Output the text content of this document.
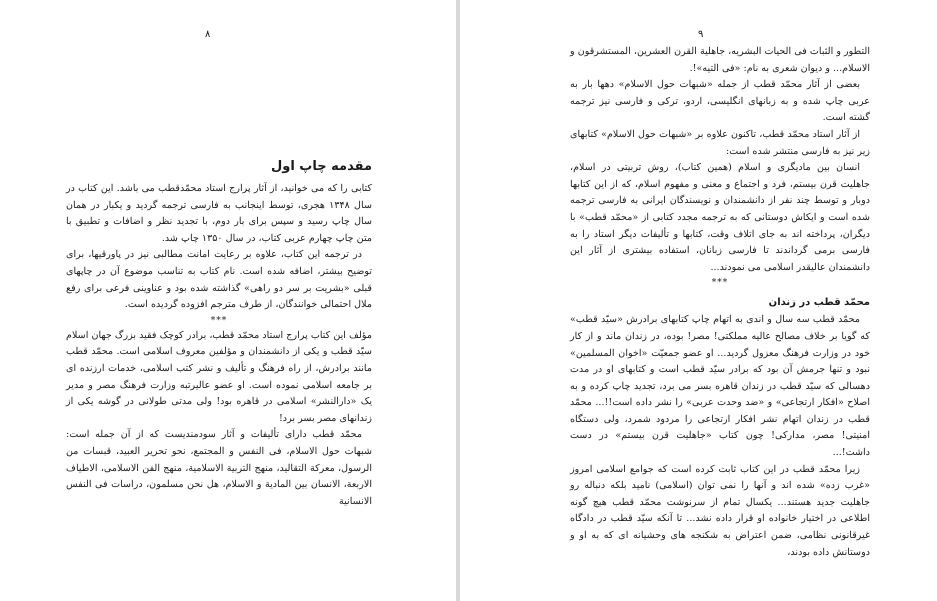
۸
مقدمه چاپ اول

کتابی را که می خوانید، از آثار پرارج استاد محمّدقطب می باشد. این کتاب در سال ۱۳۴۸ هجری، توسط اینجانب به فارسی ترجمه گردید و یکبار در همان سال چاپ رسید و سپس برای بار دوم، با تجدید نظر و اضافات و تطبیق با متن چاپ چهارم عربی کتاب، در سال ۱۳۵۰ چاپ شد.

در ترجمه این کتاب، علاوه بر رعایت امانت مطالبی نیز در پاورقیها، برای توضیح بیشتر، اضافه شده است. نام کتاب به تناسب موضوع آن در چاپهای قبلی «بشریت بر سر دو راهی» گذاشته شده بود و عناوینی فرعی برای رفع ملال احتمالی خوانندگان، از طرف مترجم افزوده گردیده است.

***

مؤلف این کتاب پرارج استاد محمّد قطب، برادر کوچک فقید بزرگ جهان اسلام سیّد قطب و یکی از دانشمندان و مؤلفین معروف اسلامی است. محمّد قطب مانند برادرش، از راه فرهنگ و تألیف و نشر کتب اسلامی، خدمات ارزنده ای بر جامعه اسلامی نموده است. او عضو عالیرتبه وزارت فرهنگ مصر و مدیر یک «دارالنشر» اسلامی در قاهره بود! ولی مدتی طولانی در گوشه یکی از زندانهای مصر بسر برد!

محمّد قطب دارای تألیفات و آثار سودمندیست که از آن جمله است: شبهات حول الاسلام، فی النفس و المجتمع، نحو تحریر العبید، قبسات من الرسول، معرکة التقالید، منهج التربیة الاسلامیة، منهج الفن الاسلامی، الاطیاف الاربعة، الانسان بین المادیة و الاسلام، هل نحن مسلمون، دراسات فی النفس الانسانیة

۹

التطور و الثبات فی الحیات البشریه، جاهلیة القرن العشرین، المستشرقون و الاسلام... و دیوان شعری به نام: «فی التیه»!.

بعضی از آثار محمّد قطب از جمله «شبهات حول الاسلام» دهها بار به عربی چاپ شده و به زبانهای انگلیسی، اردو، ترکی و فارسی نیز ترجمه گشته است.

از آثار استاد محمّد قطب، تاکنون علاوه بر «شبهات حول الاسلام» کتابهای زیر نیز به فارسی منتشر شده است:

انسان بین مادیگری و اسلام (همین کتاب)، روش تربیتی در اسلام، جاهلیت قرن بیستم، فرد و اجتماع و معنی و مفهوم اسلام، که از این کتابها دوبار و توسط چند نفر از دانشمندان و نویسندگان ایرانی به فارسی ترجمه شده است و ایکاش دوستانی که به ترجمه مجدد کتابی از «محمّد قطب» با دیگران، پرداخته اند به جای اتلاف وقت، کتابها و تألیفات دیگر استاد را به فارسی برمی گرداندند تا فارسی زبانان، استفاده بیشتری از آثار این دانشمندان عالیقدر اسلامی می نمودند...

***
محمّد قطب در زندان

محمّد قطب سه سال و اندی به اتهام چاپ کتابهای برادرش «سیّد قطب» که گویا بر خلاف مصالح عالیه مملکتی! مصر! بوده، در زندان ماند و از کار خود در وزارت فرهنگ معزول گردید... او عضو جمعیّت «اخوان المسلمین» نبود و تنها جرمش آن بود که برادر سیّد قطب است و کتابهای او در مدت دهسالی که سیّد قطب در زندان قاهره بسر می برد، تجدید چاپ کرده و به اصلاح «افکار ارتجاعی» و «ضد وحدت عربی» را نشر داده است!!... محمّد قطب در زندان اتهام نشر افکار ارتجاعی را مردود شمرد، ولی دستگاه امنیتی! مصر، مدارکی! چون کتاب «جاهلیت قرن بیستم» در دست داشت!...

زیرا محمّد قطب در این کتاب ثابت کرده است که جوامع اسلامی امروز «غرب زده» شده اند و آنها را نمی توان (اسلامی) نامید بلکه دنباله رو جاهلیت جدید هستند... یکسال تمام از سرنوشت محمّد قطب هیچ گونه اطلاعی در اختیار خانواده او قرار داده نشد... تا آنکه سیّد قطب در دادگاه غیرقانونی نظامی، ضمن اعتراض به شکنجه های وحشیانه ای که به او و دوستانش داده بودند،
